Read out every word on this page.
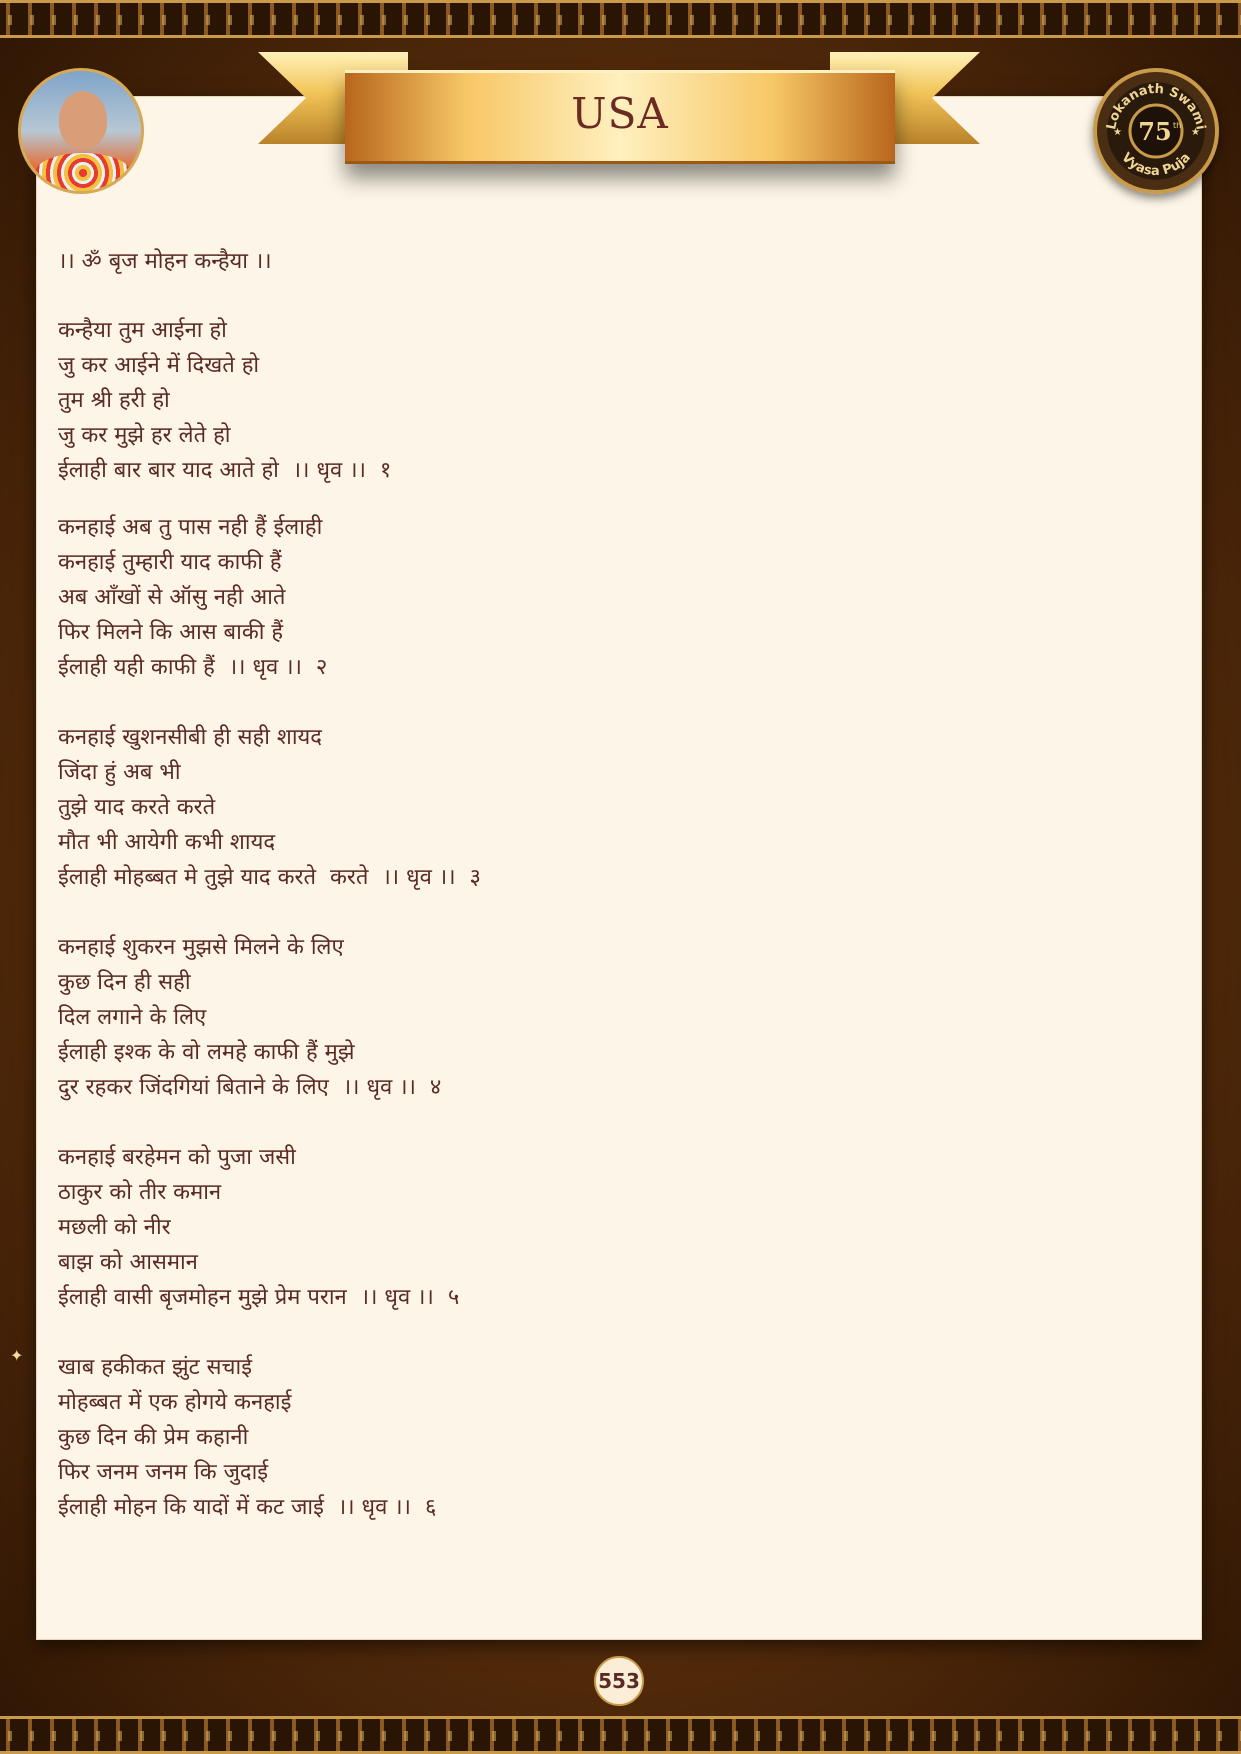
USA	Lokanath Swami
Vyasa Puja
75 th
★	★
।। ॐ बृज मोहन कन्हैया ।।
कन्हैया तुम आईना हो
जु कर आईने में दिखते हो
तुम श्री हरी हो
जु कर मुझे हर लेते हो
ईलाही बार बार याद आते हो  ।। धृव ।।  १
कनहाई अब तु पास नही हैं ईलाही
कनहाई तुम्हारी याद काफी हैं
अब आँखों से ऑसु नही आते
फिर मिलने कि आस बाकी हैं
ईलाही यही काफी हैं  ।। धृव ।।  २
कनहाई खुशनसीबी ही सही शायद
जिंदा हुं अब भी
तुझे याद करते करते
मौत भी आयेगी कभी शायद
ईलाही मोहब्बत मे तुझे याद करते  करते  ।। धृव ।।  ३
कनहाई शुकरन मुझसे मिलने के लिए
कुछ दिन ही सही
दिल लगाने के लिए
ईलाही इश्क के वो लमहे काफी हैं मुझे
दुर रहकर जिंदगियां बिताने के लिए  ।। धृव ।।  ४
कनहाई बरहेमन को पुजा जसी
ठाकुर को तीर कमान
मछली को नीर
बाझ को आसमान
ईलाही वासी बृजमोहन मुझे प्रेम परान  ।। धृव ।।  ५
खाब हकीकत झुंट सचाई
मोहब्बत में एक होगये कनहाई
कुछ दिन की प्रेम कहानी
फिर जनम जनम कि जुदाई
ईलाही मोहन कि यादों में कट जाई  ।। धृव ।।  ६
✦
553
